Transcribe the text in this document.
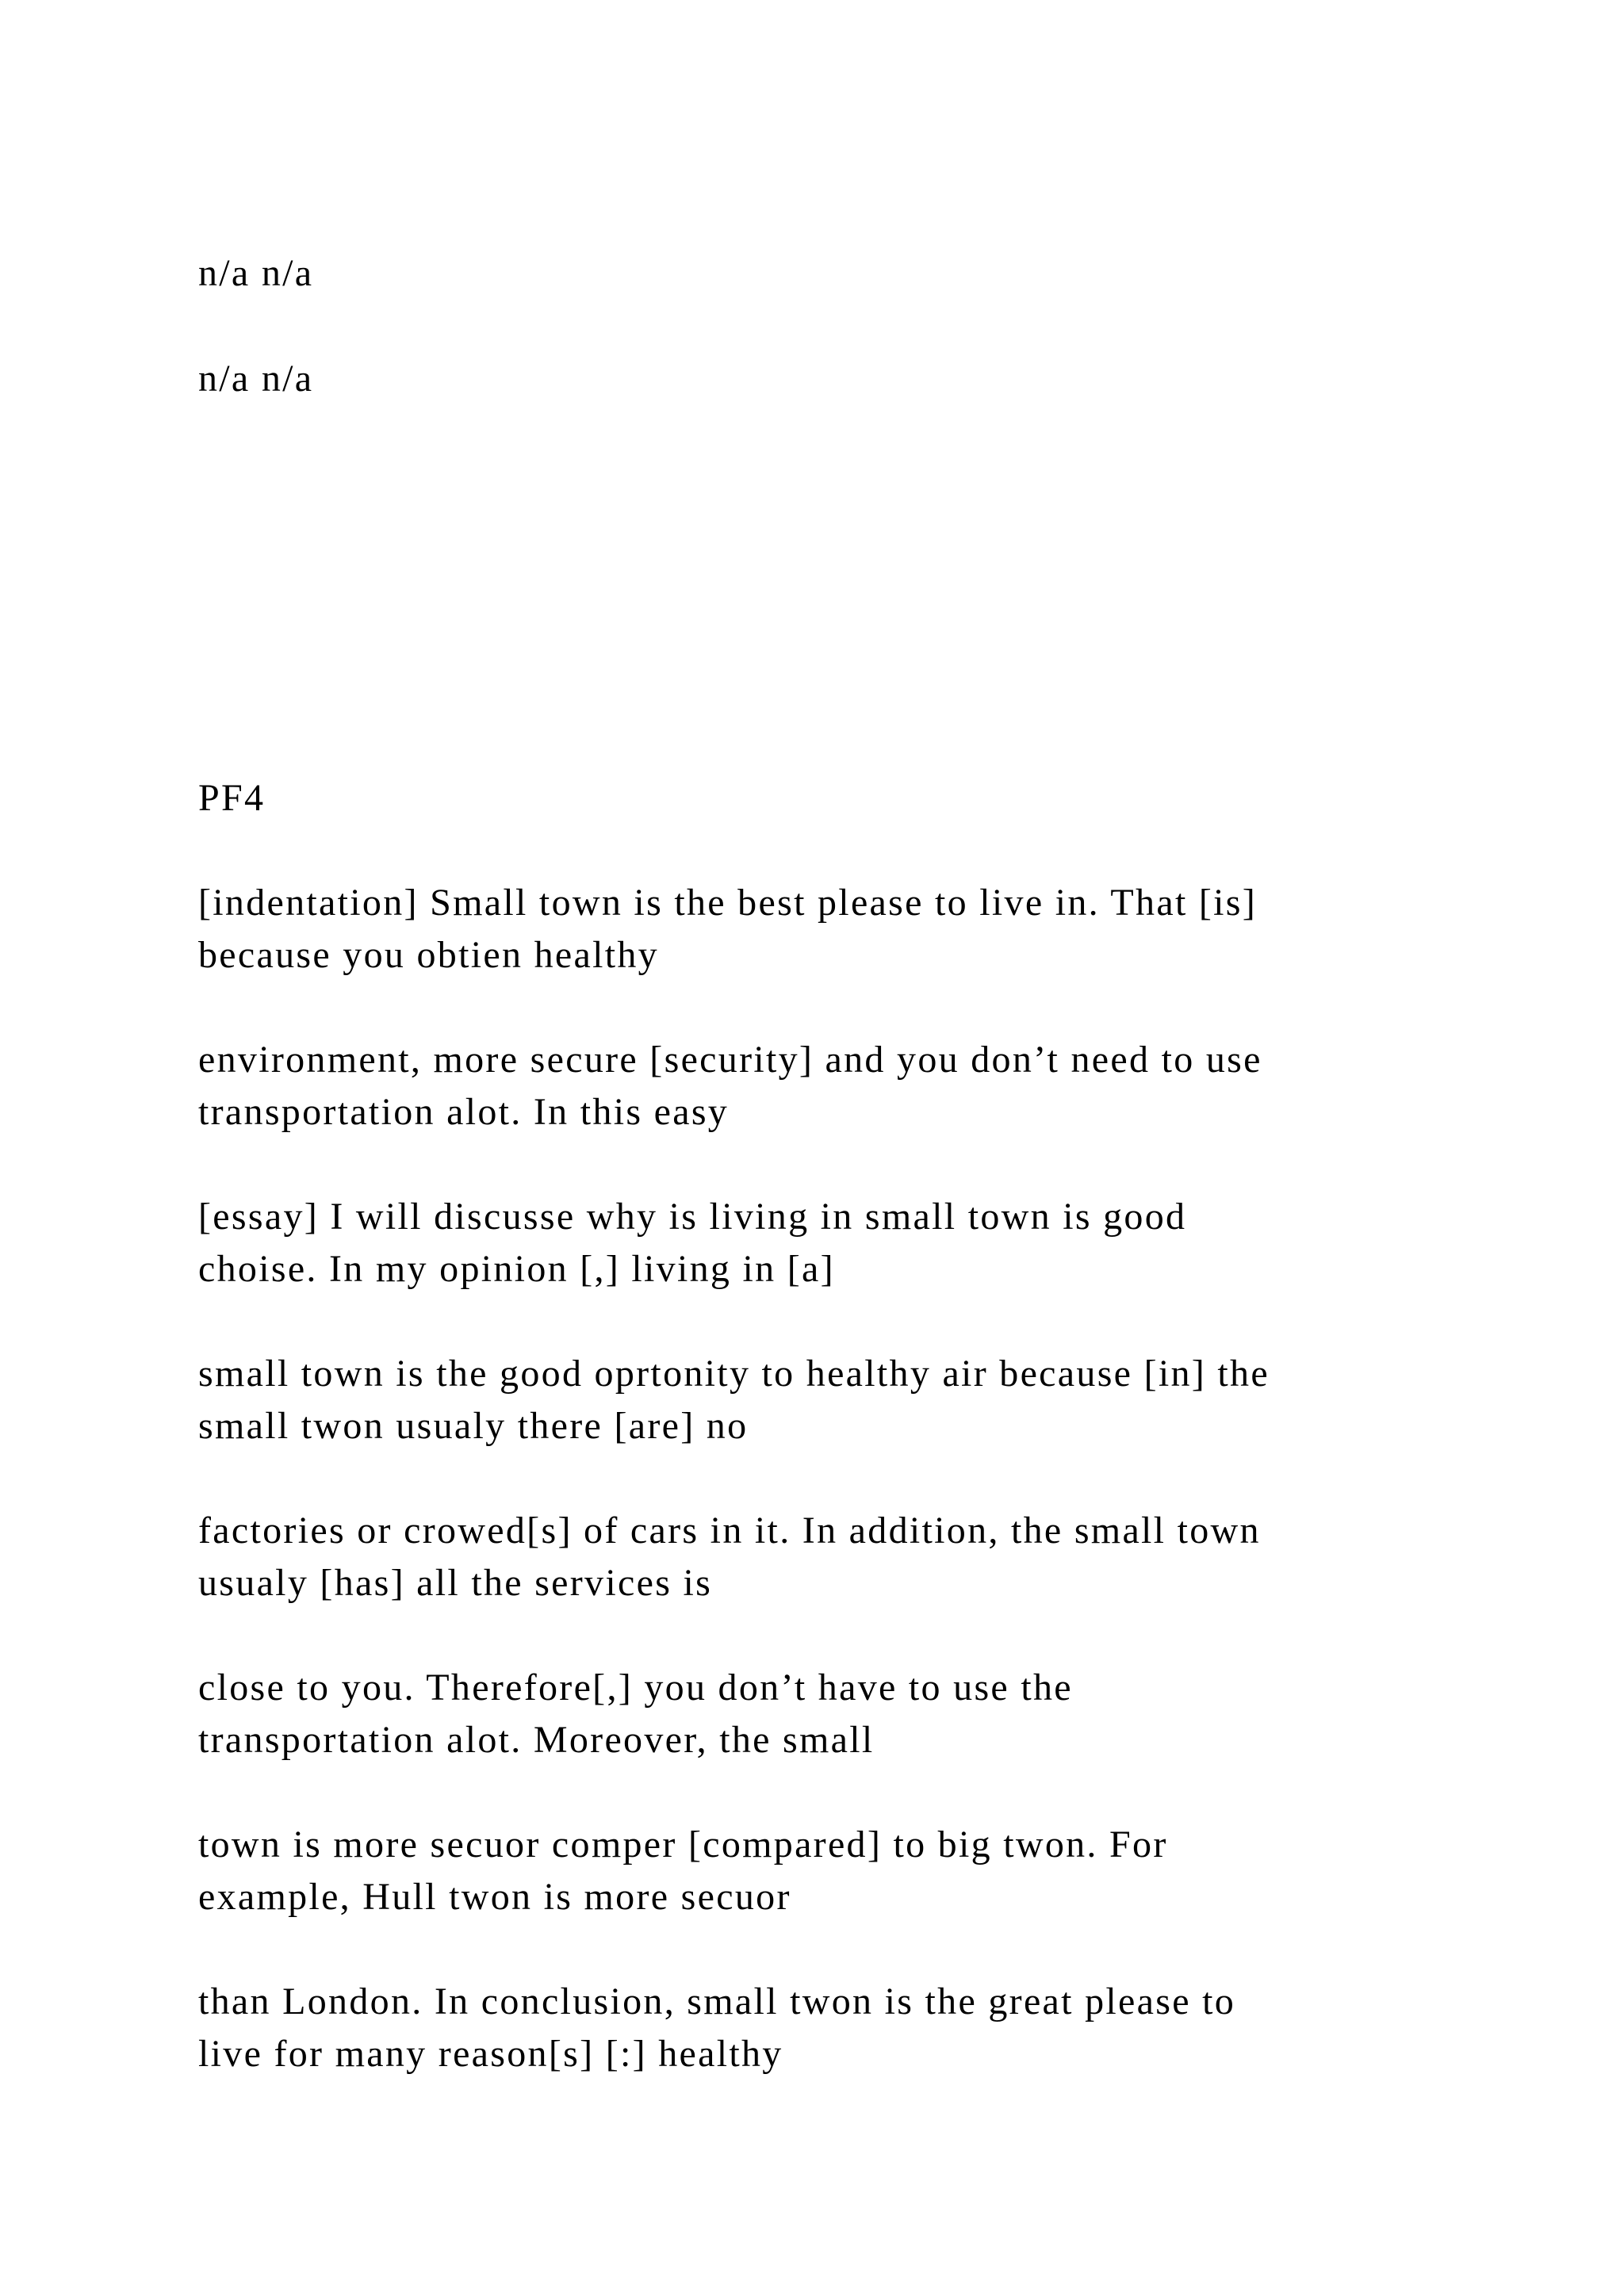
n/a n/a

n/a n/a

PF4

[indentation] Small town is the best please to live in. That [is]
because you obtien healthy
environment, more secure [security] and you don’t need to use
transportation alot. In this easy
[essay] I will discusse why is living in small town is good
choise. In my opinion [,] living in [a]
small town is the good oprtonity to healthy air because [in] the
small twon usualy there [are] no
factories or crowed[s] of cars in it. In addition, the small town
usualy [has] all the services is
close to you. Therefore[,] you don’t have to use the
transportation alot. Moreover, the small
town is more secuor comper [compared] to big twon. For
example, Hull twon is more secuor
than London. In conclusion, small twon is the great please to
live for many reason[s] [:] healthy
